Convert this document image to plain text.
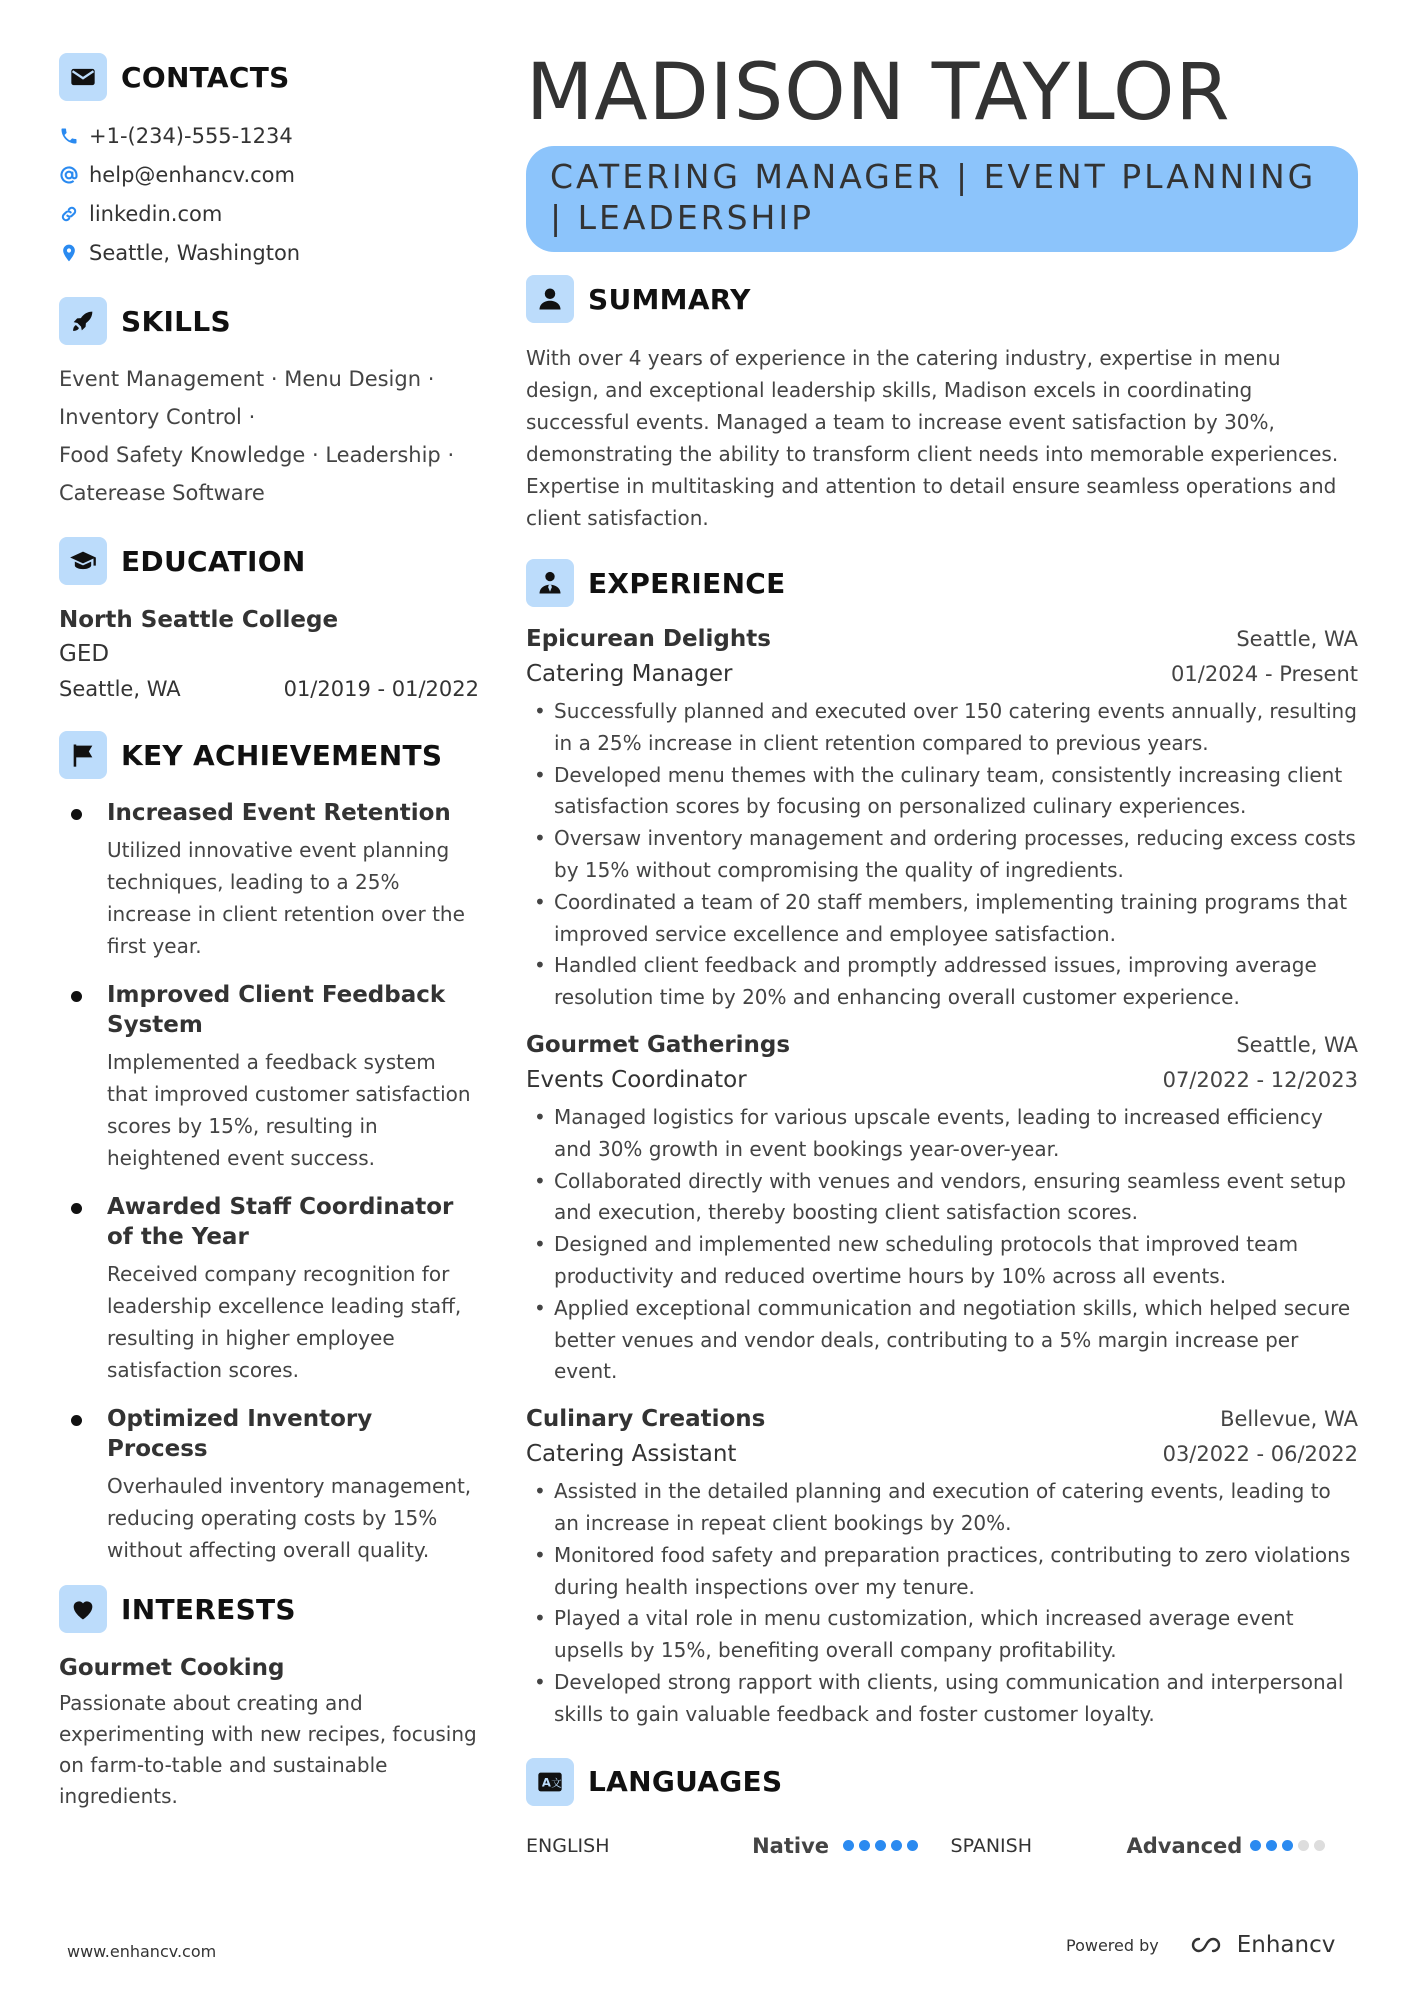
CONTACTS
+1-(234)-555-1234
help@enhancv.com
linkedin.com
Seattle, Washington
SKILLS
Event Management · Menu Design ·
Inventory Control ·
Food Safety Knowledge · Leadership ·
Caterease Software
EDUCATION
North Seattle College
GED
Seattle, WA	01/2019 - 01/2022
KEY ACHIEVEMENTS
Increased Event Retention
Utilized innovative event planning techniques, leading to a 25% increase in client retention over the first year.
Improved Client Feedback System
Implemented a feedback system that improved customer satisfaction scores by 15%, resulting in heightened event success.
Awarded Staff Coordinator of the Year
Received company recognition for leadership excellence leading staff, resulting in higher employee satisfaction scores.
Optimized Inventory Process
Overhauled inventory management, reducing operating costs by 15% without affecting overall quality.
INTERESTS
Gourmet Cooking
Passionate about creating and experimenting with new recipes, focusing on farm-to-table and sustainable ingredients.
MADISON TAYLOR
CATERING MANAGER | EVENT PLANNING | LEADERSHIP
SUMMARY
With over 4 years of experience in the catering industry, expertise in menu design, and exceptional leadership skills, Madison excels in coordinating successful events. Managed a team to increase event satisfaction by 30%, demonstrating the ability to transform client needs into memorable experiences. Expertise in multitasking and attention to detail ensure seamless operations and client satisfaction.
EXPERIENCE
Epicurean Delights	Seattle, WA
Catering Manager	01/2024 - Present
• Successfully planned and executed over 150 catering events annually, resulting in a 25% increase in client retention compared to previous years.
• Developed menu themes with the culinary team, consistently increasing client satisfaction scores by focusing on personalized culinary experiences.
• Oversaw inventory management and ordering processes, reducing excess costs by 15% without compromising the quality of ingredients.
• Coordinated a team of 20 staff members, implementing training programs that improved service excellence and employee satisfaction.
• Handled client feedback and promptly addressed issues, improving average resolution time by 20% and enhancing overall customer experience.
Gourmet Gatherings	Seattle, WA
Events Coordinator	07/2022 - 12/2023
• Managed logistics for various upscale events, leading to increased efficiency and 30% growth in event bookings year-over-year.
• Collaborated directly with venues and vendors, ensuring seamless event setup and execution, thereby boosting client satisfaction scores.
• Designed and implemented new scheduling protocols that improved team productivity and reduced overtime hours by 10% across all events.
• Applied exceptional communication and negotiation skills, which helped secure better venues and vendor deals, contributing to a 5% margin increase per event.
Culinary Creations	Bellevue, WA
Catering Assistant	03/2022 - 06/2022
• Assisted in the detailed planning and execution of catering events, leading to an increase in repeat client bookings by 20%.
• Monitored food safety and preparation practices, contributing to zero violations during health inspections over my tenure.
• Played a vital role in menu customization, which increased average event upsells by 15%, benefiting overall company profitability.
• Developed strong rapport with clients, using communication and interpersonal skills to gain valuable feedback and foster customer loyalty.
A 文 LANGUAGES
ENGLISH	Native	SPANISH	Advanced
www.enhancv.com	Powered by	Enhancv
